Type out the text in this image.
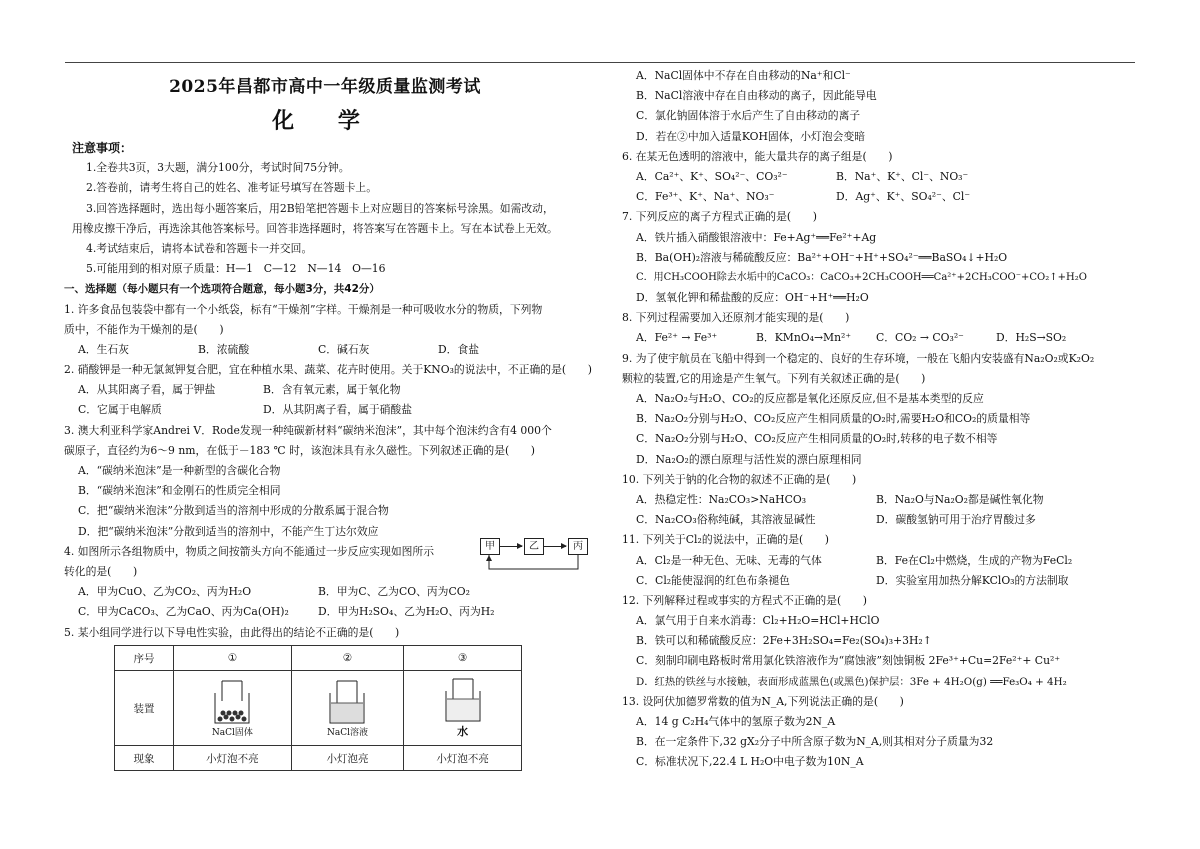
2025年昌都市高中一年级质量监测考试
化 学
注意事项：
1.全卷共3页，3大题，满分100分，考试时间75分钟。
2.答卷前，请考生将自己的姓名、准考证号填写在答题卡上。
3.回答选择题时，选出每小题答案后，用2B铅笔把答题卡上对应题目的答案标号涂黑。如需改动，
用橡皮擦干净后，再选涂其他答案标号。回答非选择题时，将答案写在答题卡上。写在本试卷上无效。
4.考试结束后，请将本试卷和答题卡一并交回。
5.可能用到的相对原子质量：H—1　C—12　N—14　O—16
一、选择题（每小题只有一个选项符合题意，每小题3分，共42分）
1. 许多食品包装袋中都有一个小纸袋，标有“干燥剂”字样。干燥剂是一种可吸收水分的物质，下列物
质中，不能作为干燥剂的是(　　)
A．生石灰	B．浓硫酸	C．碱石灰	D．食盐
2. 硝酸钾是一种无氯氮钾复合肥，宜在种植水果、蔬菜、花卉时使用。关于KNO₃的说法中，不正确的是(　　)
A．从其阳离子看，属于钾盐	B．含有氧元素，属于氧化物
C．它属于电解质	D．从其阴离子看，属于硝酸盐
3. 澳大利亚科学家Andrei V．Rode发现一种纯碳新材料“碳纳米泡沫”，其中每个泡沫约含有4 000个
碳原子，直径约为6～9 nm，在低于－183 ℃ 时，该泡沫具有永久磁性。下列叙述正确的是(　　)
A．“碳纳米泡沫”是一种新型的含碳化合物
B．“碳纳米泡沫”和金刚石的性质完全相同
C．把“碳纳米泡沫”分散到适当的溶剂中形成的分散系属于混合物
D．把“碳纳米泡沫”分散到适当的溶剂中，不能产生丁达尔效应
4. 如图所示各组物质中，物质之间按箭头方向不能通过一步反应实现如图所示
转化的是(　　)
A．甲为CuO、乙为CO₂、丙为H₂O	B．甲为C、乙为CO、丙为CO₂
C．甲为CaCO₃、乙为CaO、丙为Ca(OH)₂	D．甲为H₂SO₄、乙为H₂O、丙为H₂
5. 某小组同学进行以下导电性实验，由此得出的结论不正确的是(　　)
甲	乙	丙
序号	①	②	③
装置	NaCl固体	NaCl溶液	水

现象	小灯泡不亮	小灯泡亮	小灯泡不亮
A．NaCl固体中不存在自由移动的Na⁺和Cl⁻
B．NaCl溶液中存在自由移动的离子，因此能导电
C．氯化钠固体溶于水后产生了自由移动的离子
D．若在②中加入适量KOH固体，小灯泡会变暗
6. 在某无色透明的溶液中，能大量共存的离子组是(　　)
A．Ca²⁺、K⁺、SO₄²⁻、CO₃²⁻	B．Na⁺、K⁺、Cl⁻、NO₃⁻
C．Fe³⁺、K⁺、Na⁺、NO₃⁻	D．Ag⁺、K⁺、SO₄²⁻、Cl⁻
7. 下列反应的离子方程式正确的是(　　)
A．铁片插入硝酸银溶液中：Fe+Ag⁺══Fe²⁺+Ag
B．Ba(OH)₂溶液与稀硫酸反应：Ba²⁺+OH⁻+H⁺+SO₄²⁻══BaSO₄↓+H₂O
C．用CH₃COOH除去水垢中的CaCO₃：CaCO₃+2CH₃COOH══Ca²⁺+2CH₃COO⁻+CO₂↑+H₂O
D．氢氧化钾和稀盐酸的反应：OH⁻+H⁺══H₂O
8. 下列过程需要加入还原剂才能实现的是(　　)
A．Fe²⁺ → Fe³⁺	B．KMnO₄→Mn²⁺	C．CO₂ → CO₃²⁻	D．H₂S→SO₂
9. 为了使宇航员在飞船中得到一个稳定的、良好的生存环境，一般在飞船内安装盛有Na₂O₂或K₂O₂
颗粒的装置,它的用途是产生氧气。下列有关叙述正确的是(　　)
A．Na₂O₂与H₂O、CO₂的反应都是氧化还原反应,但不是基本类型的反应
B．Na₂O₂分别与H₂O、CO₂反应产生相同质量的O₂时,需要H₂O和CO₂的质量相等
C．Na₂O₂分别与H₂O、CO₂反应产生相同质量的O₂时,转移的电子数不相等
D．Na₂O₂的漂白原理与活性炭的漂白原理相同
10. 下列关于钠的化合物的叙述不正确的是(　　)
A．热稳定性：Na₂CO₃>NaHCO₃	B．Na₂O与Na₂O₂都是碱性氧化物
C．Na₂CO₃俗称纯碱，其溶液显碱性	D．碳酸氢钠可用于治疗胃酸过多
11. 下列关于Cl₂的说法中，正确的是(　　)
A．Cl₂是一种无色、无味、无毒的气体	B．Fe在Cl₂中燃烧，生成的产物为FeCl₂
C．Cl₂能使湿润的红色布条褪色	D．实验室用加热分解KClO₃的方法制取
12. 下列解释过程或事实的方程式不正确的是(　　)
A．氯气用于自来水消毒：Cl₂+H₂O=HCl+HClO
B．铁可以和稀硫酸反应：2Fe+3H₂SO₄=Fe₂(SO₄)₃+3H₂↑
C．刻制印刷电路板时常用氯化铁溶液作为“腐蚀液”刻蚀铜板 2Fe³⁺+Cu=2Fe²⁺+ Cu²⁺
D．红热的铁丝与水接触，表面形成蓝黑色(或黑色)保护层：3Fe + 4H₂O(g) ══Fe₃O₄ + 4H₂
13. 设阿伏加德罗常数的值为N_A,下列说法正确的是(　　)
A．14 g C₂H₄气体中的氢原子数为2N_A
B．在一定条件下,32 gX₂分子中所含原子数为N_A,则其相对分子质量为32
C．标准状况下,22.4 L H₂O中电子数为10N_A
